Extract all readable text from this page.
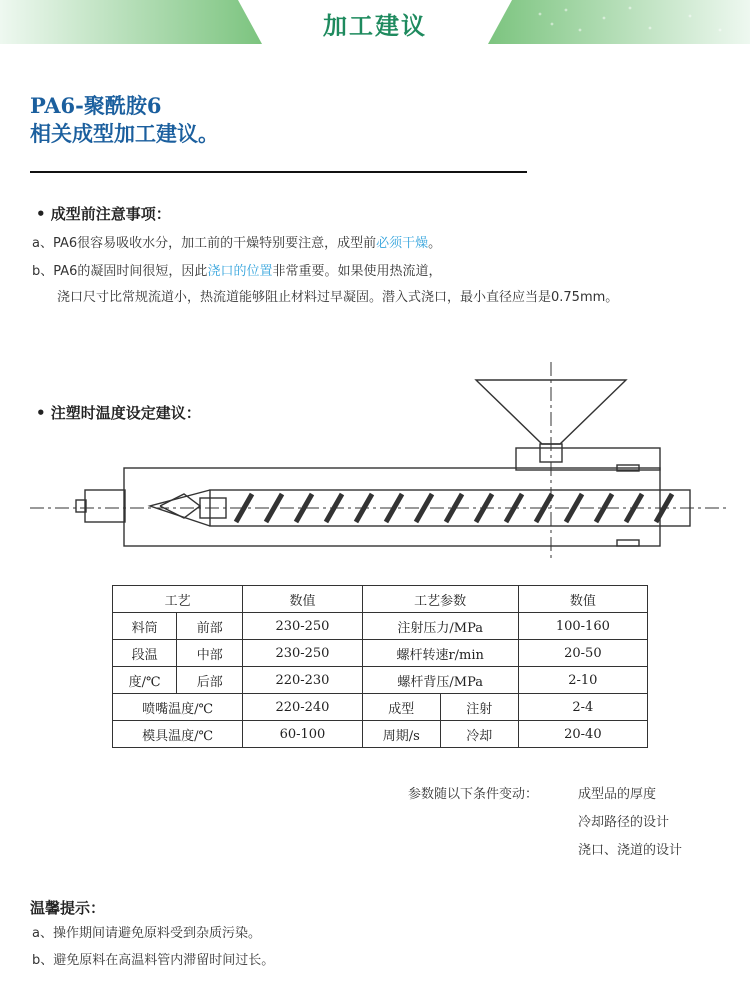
加工建议
PA6-聚酰胺6
相关成型加工建议。
• 成型前注意事项：
a、PA6很容易吸收水分，加工前的干燥特别要注意，成型前必须干燥。
b、PA6的凝固时间很短，因此浇口的位置非常重要。如果使用热流道，
浇口尺寸比常规流道小，热流道能够阻止材料过早凝固。潜入式浇口，最小直径应当是0.75mm。
• 注塑时温度设定建议：
工艺		数值	工艺参数		数值
料筒	前部	230-250	注射压力/MPa		100-160
段温	中部	230-250	螺杆转速r/min		20-50
度/℃	后部	220-230	螺杆背压/MPa		2-10
喷嘴温度/℃		220-240	成型	注射	2-4
模具温度/℃		60-100	周期/s	冷却	20-40
参数随以下条件变动：	成型品的厚度
冷却路径的设计
浇口、浇道的设计
温馨提示：
a、操作期间请避免原料受到杂质污染。
b、避免原料在高温料管内滞留时间过长。
